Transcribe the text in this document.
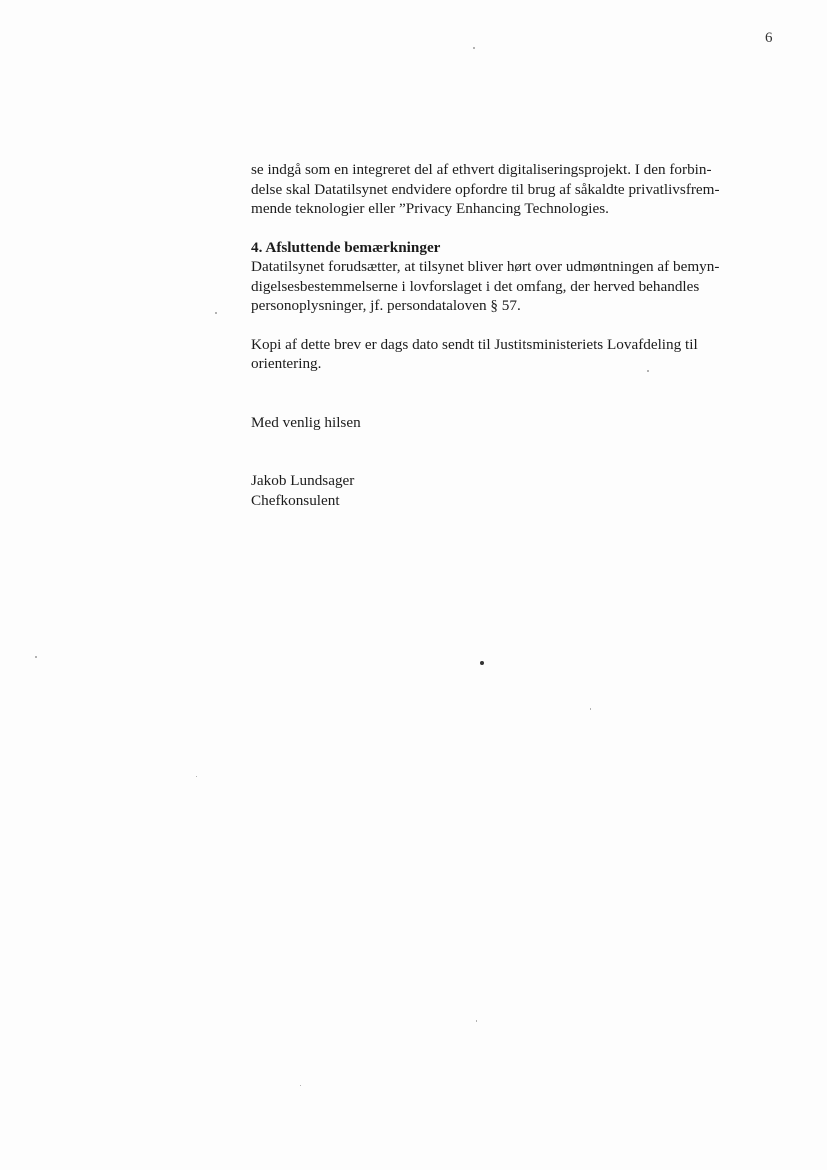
6
se indgå som en integreret del af ethvert digitaliseringsprojekt. I den forbin-
delse skal Datatilsynet endvidere opfordre til brug af såkaldte privatlivsfrem-
mende teknologier eller ”Privacy Enhancing Technologies.
4. Afsluttende bemærkninger
Datatilsynet forudsætter, at tilsynet bliver hørt over udmøntningen af bemyn-
digelsesbestemmelserne i lovforslaget i det omfang, der herved behandles
personoplysninger, jf. persondataloven § 57.
Kopi af dette brev er dags dato sendt til Justitsministeriets Lovafdeling til
orientering.
Med venlig hilsen
Jakob Lundsager
Chefkonsulent
